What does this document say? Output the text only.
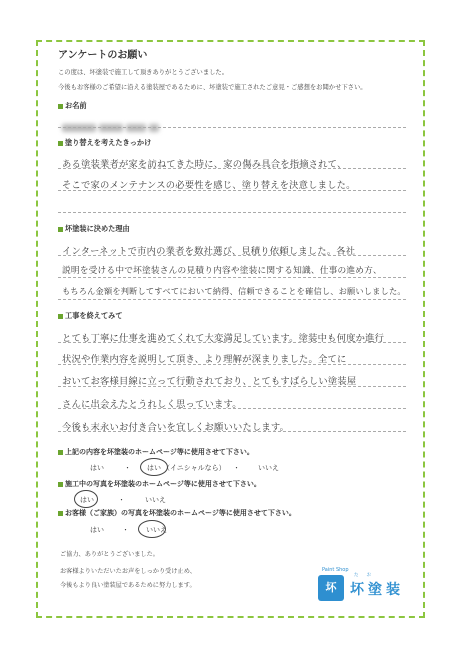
アンケートのお願い
この度は、坏塗装で施工して頂きありがとうございました。
今後もお客様のご希望に沿える塗装屋であるために、坏塗装で施工されたご意見・ご感想をお聞かせ下さい。
お名前
塗り替えを考えたきっかけ
ある塗装業者が家を訪ねてきた時に、家の傷み具合を指摘されて、
そこで家のメンテナンスの必要性を感じ、塗り替えを決意しました。
坏塗装に決めた理由
インターネットで市内の業者を数社選び、見積り依頼しました。各社
説明を受ける中で坏塗装さんの見積り内容や塗装に関する知識、仕事の進め方、
もちろん金額を判断してすべてにおいて納得、信頼できることを確信し、お願いしました。
工事を終えてみて
とても丁寧に仕事を進めてくれて大変満足しています。塗装中も何度か進行
状況や作業内容を説明して頂き、より理解が深まりました。全てに
おいてお客様目線に立って行動されており、とてもすばらしい塗装屋
さんに出会えたとうれしく思っています。
今後も末永いお付き合いを宜しくお願いいたします。
上記の内容を坏塗装のホームページ等に使用させて下さい。
はい	・ はい （イニシャルなら） ・	いいえ
施工中の写真を坏塗装のホームページ等に使用させて下さい。
はい	・	いいえ
お客様（ご家族）の写真を坏塗装のホームページ等に使用させて下さい。
はい	・ いいえ
ご協力、ありがとうございました。
お客様よりいただいたお声をしっかり受け止め、
今後もより良い塗装屋であるために努力します。
Paint Shop
坏
たお
坏塗装
